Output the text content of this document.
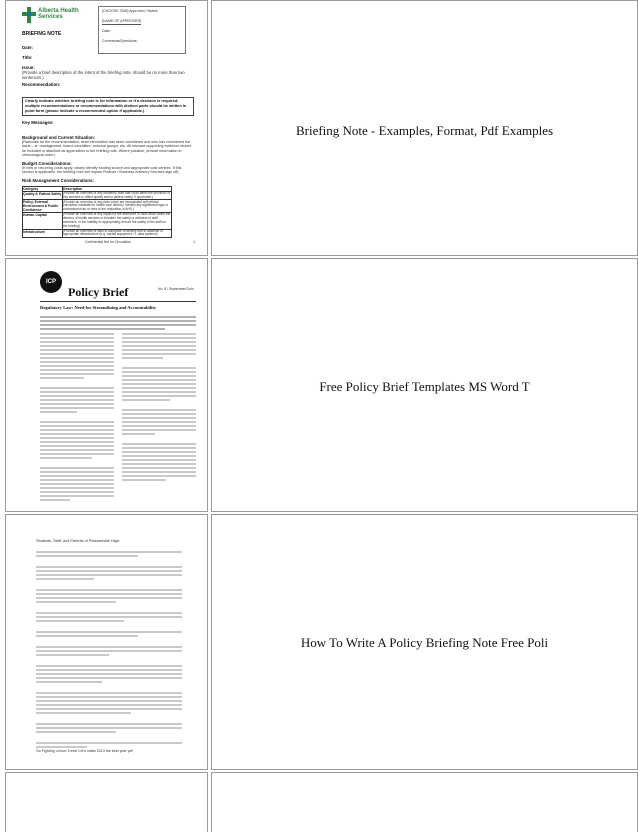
Alberta Health
Services
BRIEFING NOTE
[CHOOSE ONE] Approved / Noted:
[NAME OF APPROVER]
Date:
Comments/Questions:
Date:
Title:
Issue:
(Provide a brief description of the intent of the briefing note, should be no more than two sentences.)
Recommendation:
Clearly indicate whether briefing note is for information or if a decision is required; multiple recommendations or recommendations with distinct parts should be written in point form (please indicate a recommended option if applicable.)
Key Messages:
Background and Current Situation:
(Rationale for the recommendation, what information has been considered and who has considered the issue – ie. management, board committee, external groups, etc. All relevant supporting evidence should be included or attached as appendices to the briefing note. Where possible, provide information in chronological order.)
Budget Considerations:
(If new or recurring costs apply, clearly identify funding source and appropriate cost centres. If this section is applicable, the briefing note will require Finance / Business Advisory Services sign off)
Risk Management Considerations:
Category	Description
Quality & Patient Safety	(Provide an overview of any incidents/ risks that could affect the provision of key services or affect quality and/or patient safety, if applicable.)
Policy, External Environment & Public Confidence	(Provide an overview of any risks which are inconsistent with ethical principles/ mandate for health care delivery. Identify any significant legal or contractual risks or risks to the reputation of AHS.)
Human Capital	(Provide an overview of any impact to the workforce or risks which affect the delivery of health services or threaten the safety or wellness of staff members, or the inability to appropriately ensure the safety of the staff on the briefing)
Infrastructure	(Provide an overview of risks to disruption of service due to absence of appropriate infrastructure (e.g. capital equipment, IT, data systems)
Confidential Not for Circulation	1
Briefing Note - Examples, Format, Pdf Examples
ICP
Policy Brief	No. 8 / September/Octo
Regulatory Law: Need for Streamlining and Accountability
Free Policy Brief Templates MS Word T
Students, Staff, and Parents of Pleasantville High:
Go Fighting Lemon Trees! Let's make 2013 the best year yet!
How To Write A Policy Briefing Note Free Poli
